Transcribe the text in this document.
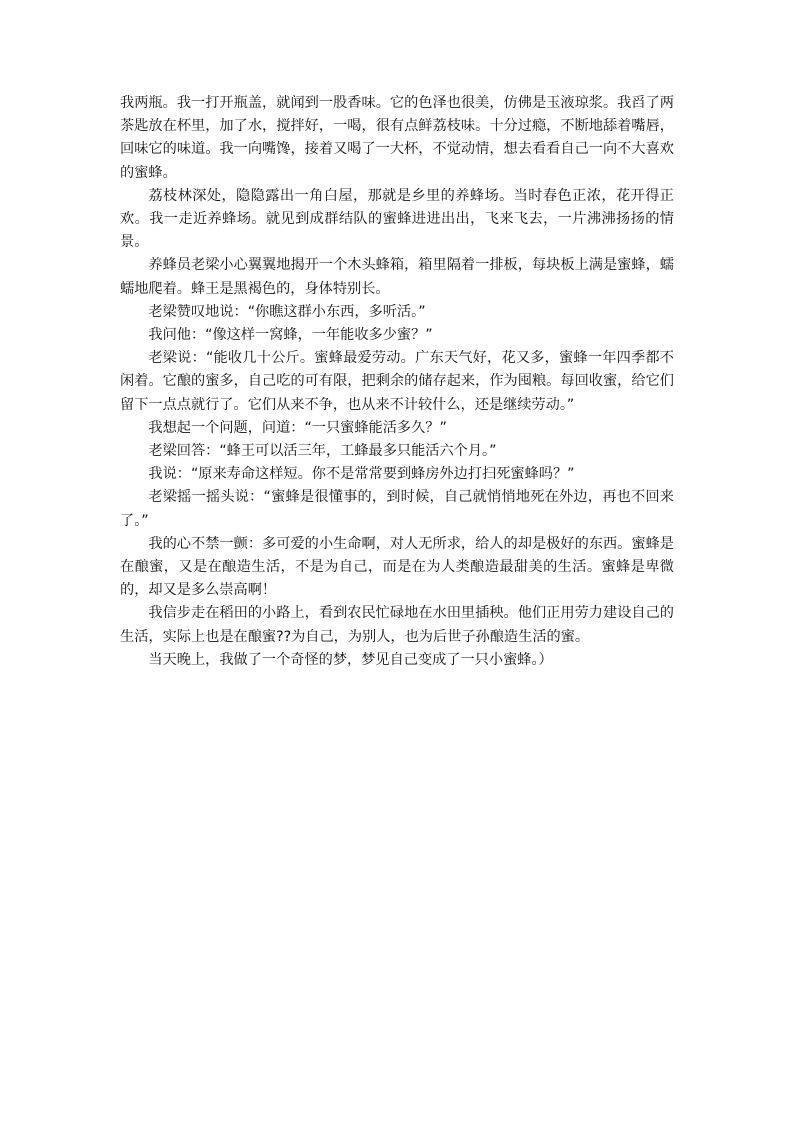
我两瓶。我一打开瓶盖，就闻到一股香味。它的色泽也很美，仿佛是玉液琼浆。我舀了两茶匙放在杯里，加了水，搅拌好，一喝，很有点鲜荔枝味。十分过瘾，不断地舔着嘴唇，回味它的味道。我一向嘴馋，接着又喝了一大杯，不觉动情，想去看看自己一向不大喜欢的蜜蜂。

荔枝林深处，隐隐露出一角白屋，那就是乡里的养蜂场。当时春色正浓，花开得正欢。我一走近养蜂场。就见到成群结队的蜜蜂进进出出，飞来飞去，一片沸沸扬扬的情景。

养蜂员老梁小心翼翼地揭开一个木头蜂箱，箱里隔着一排板，每块板上满是蜜蜂，蠕蠕地爬着。蜂王是黑褐色的，身体特别长。

老梁赞叹地说：“你瞧这群小东西，多听活。”

我问他：“像这样一窝蜂，一年能收多少蜜？”

老梁说：“能收几十公斤。蜜蜂最爱劳动。广东天气好，花又多，蜜蜂一年四季都不闲着。它酿的蜜多，自己吃的可有限，把剩余的储存起来，作为囤粮。每回收蜜，给它们留下一点点就行了。它们从来不争，也从来不计较什么，还是继续劳动。”

我想起一个问题，问道：“一只蜜蜂能活多久？”

老梁回答：“蜂王可以活三年，工蜂最多只能活六个月。”

我说：“原来寿命这样短。你不是常常要到蜂房外边打扫死蜜蜂吗？”

老梁摇一摇头说：“蜜蜂是很懂事的，到时候，自己就悄悄地死在外边，再也不回来了。”

我的心不禁一颤：多可爱的小生命啊，对人无所求，给人的却是极好的东西。蜜蜂是在酿蜜，又是在酿造生活，不是为自己，而是在为人类酿造最甜美的生活。蜜蜂是卑微的，却又是多么崇高啊！

我信步走在稻田的小路上，看到农民忙碌地在水田里插秧。他们正用劳力建设自己的生活，实际上也是在酿蜜??为自己，为别人，也为后世子孙酿造生活的蜜。

当天晚上，我做了一个奇怪的梦，梦见自己变成了一只小蜜蜂。）
